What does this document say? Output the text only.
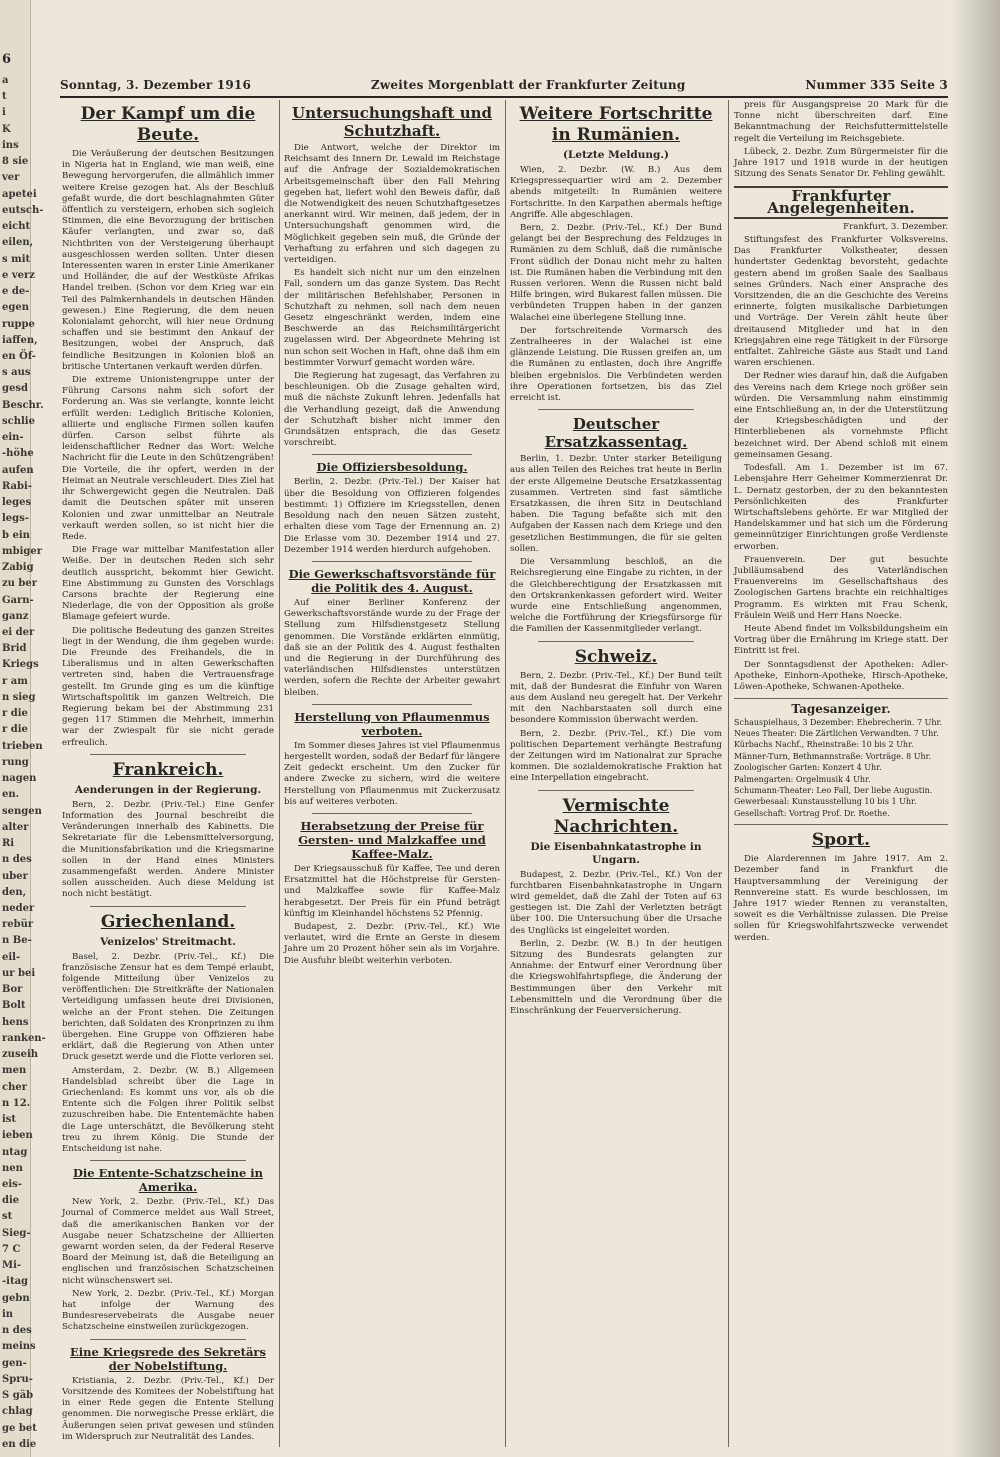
a
t
i
K
ins
8 sie
ver
apetei
eutsch-
eicht
eilen,
s mit
e verz
e de-
egen
ruppe
iaffen,
en Öf-
s aus
gesd
Beschr.
schlie
ein-
-höhe
aufen
Rabi-
leges
legs-
b ein
mbiger
Zabig
zu ber
Garn-
ganz
ei der
Brid
Kriegs
r am
n sieg
r die
r die
trieben
rung
nagen
en.
sengen
alter
Ri
n des
uber
den,
neder
rebür
n Be-
eil-
ur bei
Bor
Bolt
hens
ranken-
zuseih
men
cher
n 12.
ist
ieben
ntag
nen
eis-
die
st
Sieg-
7 C
Mi-
-itag
gebn
in
n des
meins
gen-
Spru-
S gäb
chlag
ge bet
en die
6
Sonntag, 3. Dezember 1916	Zweites Morgenblatt der Frankfurter Zeitung	Nummer 335 Seite 3
Der Kampf um die Beute.

Die Veräußerung der deutschen Besitzungen in Nigeria hat in England, wie man weiß, eine Bewegung hervorgerufen, die allmählich immer weitere Kreise gezogen hat. Als der Beschluß gefaßt wurde, die dort beschlagnahmten Güter öffentlich zu versteigern, erhoben sich sogleich Stimmen, die eine Bevorzugung der britischen Käufer verlangten, und zwar so, daß Nichtbriten von der Versteigerung überhaupt ausgeschlossen werden sollten. Unter diesen Interessenten waren in erster Linie Amerikaner und Holländer, die auf der Westküste Afrikas Handel treiben. (Schon vor dem Krieg war ein Teil des Palmkernhandels in deutschen Händen gewesen.) Eine Regierung, die dem neuen Kolonialamt gehorcht, will hier neue Ordnung schaffen und sie bestimmt den Ankauf der Besitzungen, wobei der Anspruch, daß feindliche Besitzungen in Kolonien bloß an britische Untertanen verkauft werden dürfen.

Die extreme Unionistengruppe unter der Führung Carsons nahm sich sofort der Forderung an. Was sie verlangte, konnte leicht erfüllt werden: Lediglich Britische Kolonien, alliierte und englische Firmen sollen kaufen dürfen. Carson selbst führte als leidenschaftlicher Redner das Wort: Welche Nachricht für die Leute in den Schützengräben! Die Vorteile, die ihr opfert, werden in der Heimat an Neutrale verschleudert. Dies Ziel hat ihr Schwergewicht gegen die Neutralen. Daß damit die Deutschen später mit unseren Kolonien und zwar unmittelbar an Neutrale verkauft werden sollen, so ist nicht hier die Rede.

Die Frage war mittelbar Manifestation aller Weiße. Der in deutschen Reden sich sehr deutlich ausspricht, bekommt hier Gewicht. Eine Abstimmung zu Gunsten des Vorschlags Carsons brachte der Regierung eine Niederlage, die von der Opposition als große Blamage gefeiert wurde.

Die politische Bedeutung des ganzen Streites liegt in der Wendung, die ihm gegeben wurde: Die Freunde des Freihandels, die in Liberalismus und in alten Gewerkschaften vertreten sind, haben die Vertrauensfrage gestellt. Im Grunde ging es um die künftige Wirtschaftspolitik im ganzen Weltreich. Die Regierung bekam bei der Abstimmung 231 gegen 117 Stimmen die Mehrheit, immerhin war der Zwiespalt für sie nicht gerade erfreulich.

Frankreich.
Aenderungen in der Regierung.

Bern, 2. Dezbr. (Priv.-Tel.) Eine Genfer Information des Journal beschreibt die Veränderungen innerhalb des Kabinetts. Die Sekretariate für die Lebensmittelversorgung, die Munitionsfabrikation und die Kriegsmarine sollen in der Hand eines Ministers zusammengefaßt werden. Andere Minister sollen ausscheiden. Auch diese Meldung ist noch nicht bestätigt.

Griechenland.
Venizelos' Streitmacht.

Basel, 2. Dezbr. (Priv.-Tel., Kf.) Die französische Zensur hat es dem Tempé erlaubt, folgende Mitteilung über Venizelos zu veröffentlichen: Die Streitkräfte der Nationalen Verteidigung umfassen heute drei Divisionen, welche an der Front stehen. Die Zeitungen berichten, daß Soldaten des Kronprinzen zu ihm übergehen. Eine Gruppe von Offizieren habe erklärt, daß die Regierung von Athen unter Druck gesetzt werde und die Flotte verloren sei.

Amsterdam, 2. Dezbr. (W. B.) Allgemeen Handelsblad schreibt über die Lage in Griechenland: Es kommt uns vor, als ob die Entente sich die Folgen ihrer Politik selbst zuzuschreiben habe. Die Ententemächte haben die Lage unterschätzt, die Bevölkerung steht treu zu ihrem König. Die Stunde der Entscheidung ist nahe.

Die Entente-Schatzscheine in Amerika.

New York, 2. Dezbr. (Priv.-Tel., Kf.) Das Journal of Commerce meldet aus Wall Street, daß die amerikanischen Banken vor der Ausgabe neuer Schatzscheine der Alliierten gewarnt worden seien, da der Federal Reserve Board der Meinung ist, daß die Beteiligung an englischen und französischen Schatzscheinen nicht wünschenswert sei.

New York, 2. Dezbr. (Priv.-Tel., Kf.) Morgan hat infolge der Warnung des Bundesreservebeirats die Ausgabe neuer Schatzscheine einstweilen zurückgezogen.

Eine Kriegsrede des Sekretärs der Nobelstiftung.

Kristiania, 2. Dezbr. (Priv.-Tel., Kf.) Der Vorsitzende des Komitees der Nobelstiftung hat in einer Rede gegen die Entente Stellung genommen. Die norwegische Presse erklärt, die Äußerungen seien privat gewesen und stünden im Widerspruch zur Neutralität des Landes.

Untersuchungshaft und Schutzhaft.

Die Antwort, welche der Direktor im Reichsamt des Innern Dr. Lewald im Reichstage auf die Anfrage der Sozialdemokratischen Arbeitsgemeinschaft über den Fall Mehring gegeben hat, liefert wohl den Beweis dafür, daß die Notwendigkeit des neuen Schutzhaftgesetzes anerkannt wird. Wir meinen, daß jedem, der in Untersuchungshaft genommen wird, die Möglichkeit gegeben sein muß, die Gründe der Verhaftung zu erfahren und sich dagegen zu verteidigen.

Es handelt sich nicht nur um den einzelnen Fall, sondern um das ganze System. Das Recht der militärischen Befehlshaber, Personen in Schutzhaft zu nehmen, soll nach dem neuen Gesetz eingeschränkt werden, indem eine Beschwerde an das Reichsmilitärgericht zugelassen wird. Der Abgeordnete Mehring ist nun schon seit Wochen in Haft, ohne daß ihm ein bestimmter Vorwurf gemacht worden wäre.

Die Regierung hat zugesagt, das Verfahren zu beschleunigen. Ob die Zusage gehalten wird, muß die nächste Zukunft lehren. Jedenfalls hat die Verhandlung gezeigt, daß die Anwendung der Schutzhaft bisher nicht immer den Grundsätzen entsprach, die das Gesetz vorschreibt.

Die Offiziersbesoldung.

Berlin, 2. Dezbr. (Priv.-Tel.) Der Kaiser hat über die Besoldung von Offizieren folgendes bestimmt: 1) Offiziere im Kriegsstellen, denen Besoldung nach den neuen Sätzen zusteht, erhalten diese vom Tage der Ernennung an. 2) Die Erlasse vom 30. Dezember 1914 und 27. Dezember 1914 werden hierdurch aufgehoben.

Die Gewerkschaftsvorstände für die Politik des 4. August.

Auf einer Berliner Konferenz der Gewerkschaftsvorstände wurde zu der Frage der Stellung zum Hilfsdienstgesetz Stellung genommen. Die Vorstände erklärten einmütig, daß sie an der Politik des 4. August festhalten und die Regierung in der Durchführung des vaterländischen Hilfsdienstes unterstützen werden, sofern die Rechte der Arbeiter gewahrt bleiben.

Herstellung von Pflaumenmus verboten.

Im Sommer dieses Jahres ist viel Pflaumenmus hergestellt worden, sodaß der Bedarf für längere Zeit gedeckt erscheint. Um den Zucker für andere Zwecke zu sichern, wird die weitere Herstellung von Pflaumenmus mit Zuckerzusatz bis auf weiteres verboten.

Herabsetzung der Preise für Gersten- und Malzkaffee und Kaffee-Malz.

Der Kriegsausschuß für Kaffee, Tee und deren Ersatzmittel hat die Höchstpreise für Gersten- und Malzkaffee sowie für Kaffee-Malz herabgesetzt. Der Preis für ein Pfund beträgt künftig im Kleinhandel höchstens 52 Pfennig.

Budapest, 2. Dezbr. (Priv.-Tel., Kf.) Wie verlautet, wird die Ernte an Gerste in diesem Jahre um 20 Prozent höher sein als im Vorjahre. Die Ausfuhr bleibt weiterhin verboten.

Weitere Fortschritte in Rumänien.
(Letzte Meldung.)

Wien, 2. Dezbr. (W. B.) Aus dem Kriegspressequartier wird am 2. Dezember abends mitgeteilt: In Rumänien weitere Fortschritte. In den Karpathen abermals heftige Angriffe. Alle abgeschlagen.

Bern, 2. Dezbr. (Priv.-Tel., Kf.) Der Bund gelangt bei der Besprechung des Feldzuges in Rumänien zu dem Schluß, daß die rumänische Front südlich der Donau nicht mehr zu halten ist. Die Rumänen haben die Verbindung mit den Russen verloren. Wenn die Russen nicht bald Hilfe bringen, wird Bukarest fallen müssen. Die verbündeten Truppen haben in der ganzen Walachei eine überlegene Stellung inne.

Der fortschreitende Vormarsch des Zentralheeres in der Walachei ist eine glänzende Leistung. Die Russen greifen an, um die Rumänen zu entlasten, doch ihre Angriffe bleiben ergebnislos. Die Verbündeten werden ihre Operationen fortsetzen, bis das Ziel erreicht ist.

Deutscher Ersatzkassentag.

Berlin, 1. Dezbr. Unter starker Beteiligung aus allen Teilen des Reiches trat heute in Berlin der erste Allgemeine Deutsche Ersatzkassentag zusammen. Vertreten sind fast sämtliche Ersatzkassen, die ihren Sitz in Deutschland haben. Die Tagung befaßte sich mit den Aufgaben der Kassen nach dem Kriege und den gesetzlichen Bestimmungen, die für sie gelten sollen.

Die Versammlung beschloß, an die Reichsregierung eine Eingabe zu richten, in der die Gleichberechtigung der Ersatzkassen mit den Ortskrankenkassen gefordert wird. Weiter wurde eine Entschließung angenommen, welche die Fortführung der Kriegsfürsorge für die Familien der Kassenmitglieder verlangt.

Schweiz.

Bern, 2. Dezbr. (Priv.-Tel., Kf.) Der Bund teilt mit, daß der Bundesrat die Einfuhr von Waren aus dem Ausland neu geregelt hat. Der Verkehr mit den Nachbarstaaten soll durch eine besondere Kommission überwacht werden.

Bern, 2. Dezbr. (Priv.-Tel., Kf.) Die vom politischen Departement verhängte Bestrafung der Zeitungen wird im Nationalrat zur Sprache kommen. Die sozialdemokratische Fraktion hat eine Interpellation eingebracht.

Vermischte Nachrichten.
Die Eisenbahnkatastrophe in Ungarn.

Budapest, 2. Dezbr. (Priv.-Tel., Kf.) Von der furchtbaren Eisenbahnkatastrophe in Ungarn wird gemeldet, daß die Zahl der Toten auf 63 gestiegen ist. Die Zahl der Verletzten beträgt über 100. Die Untersuchung über die Ursache des Unglücks ist eingeleitet worden.

Berlin, 2. Dezbr. (W. B.) In der heutigen Sitzung des Bundesrats gelangten zur Annahme: der Entwurf einer Verordnung über die Kriegswohlfahrtspflege, die Änderung der Bestimmungen über den Verkehr mit Lebensmitteln und die Verordnung über die Einschränkung der Feuerversicherung.

preis für Ausgangspreise 20 Mark für die Tonne nicht überschreiten darf. Eine Bekanntmachung der Reichsfuttermittelstelle regelt die Verteilung im Reichsgebiete.

Lübeck, 2. Dezbr. Zum Bürgermeister für die Jahre 1917 und 1918 wurde in der heutigen Sitzung des Senats Senator Dr. Fehling gewählt.

Frankfurter Angelegenheiten.
Frankfurt, 3. Dezember.

Stiftungsfest des Frankfurter Volksvereins. Das Frankfurter Volkstheater, dessen hundertster Gedenktag bevorsteht, gedachte gestern abend im großen Saale des Saalbaus seines Gründers. Nach einer Ansprache des Vorsitzenden, die an die Geschichte des Vereins erinnerte, folgten musikalische Darbietungen und Vorträge. Der Verein zählt heute über dreitausend Mitglieder und hat in den Kriegsjahren eine rege Tätigkeit in der Fürsorge entfaltet. Zahlreiche Gäste aus Stadt und Land waren erschienen.

Der Redner wies darauf hin, daß die Aufgaben des Vereins nach dem Kriege noch größer sein würden. Die Versammlung nahm einstimmig eine Entschließung an, in der die Unterstützung der Kriegsbeschädigten und der Hinterbliebenen als vornehmste Pflicht bezeichnet wird. Der Abend schloß mit einem gemeinsamen Gesang.

Todesfall. Am 1. Dezember ist im 67. Lebensjahre Herr Geheimer Kommerzienrat Dr. L. Dernatz gestorben, der zu den bekanntesten Persönlichkeiten des Frankfurter Wirtschaftslebens gehörte. Er war Mitglied der Handelskammer und hat sich um die Förderung gemeinnütziger Einrichtungen große Verdienste erworben.

Frauenverein. Der gut besuchte Jubiläumsabend des Vaterländischen Frauenvereins im Gesellschaftshaus des Zoologischen Gartens brachte ein reichhaltiges Programm. Es wirkten mit Frau Schenk, Fräulein Weiß und Herr Hans Noecke.

Heute Abend findet im Volksbildungsheim ein Vortrag über die Ernährung im Kriege statt. Der Eintritt ist frei.

Der Sonntagsdienst der Apotheken: Adler-Apotheke, Einhorn-Apotheke, Hirsch-Apotheke, Löwen-Apotheke, Schwanen-Apotheke.

Tagesanzeiger.

Schauspielhaus, 3 Dezember: Ehebrecherin. 7 Uhr.

Neues Theater: Die Zärtlichen Verwandten. 7 Uhr.

Kürbachs Nachf., Rheinstraße: 10 bis 2 Uhr.

Männer-Turn, Bethmannstraße: Vorträge. 8 Uhr.

Zoologischer Garten: Konzert 4 Uhr.

Palmengarten: Orgelmusik 4 Uhr.

Schumann-Theater: Leo Fall, Der liebe Augustin.

Gewerbesaal: Kunstausstellung 10 bis 1 Uhr.

Gesellschaft: Vortrag Prof. Dr. Roethe.

Sport.

Die Alarderennen im Jahre 1917. Am 2. Dezember fand in Frankfurt die Hauptversammlung der Vereinigung der Rennvereine statt. Es wurde beschlossen, im Jahre 1917 wieder Rennen zu veranstalten, soweit es die Verhältnisse zulassen. Die Preise sollen für Kriegswohlfahrtszwecke verwendet werden.
